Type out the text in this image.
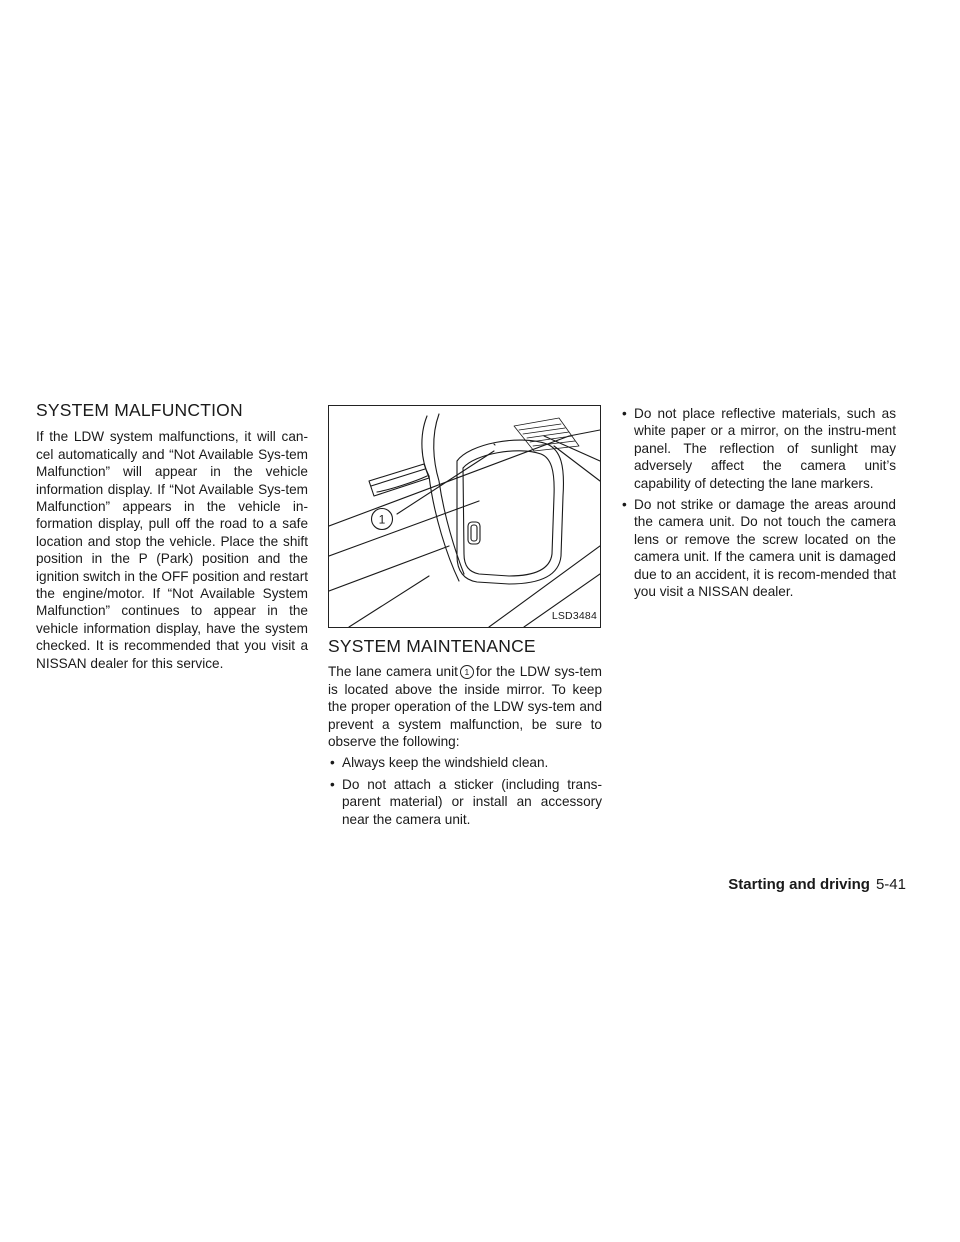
SYSTEM MALFUNCTION

If the LDW system malfunctions, it will can-cel automatically and “Not Available Sys-tem Malfunction” will appear in the vehicle information display. If “Not Available Sys-tem Malfunction” appears in the vehicle in-formation display, pull off the road to a safe location and stop the vehicle. Place the shift position in the P (Park) position and the ignition switch in the OFF position and restart the engine/motor. If “Not Available System Malfunction” continues to appear in the vehicle information display, have the system checked. It is recommended that you visit a NISSAN dealer for this service.

1
LSD3484
SYSTEM MAINTENANCE

The lane camera unit 1 for the LDW sys-tem is located above the inside mirror. To keep the proper operation of the LDW sys-tem and prevent a system malfunction, be sure to observe the following:

• Always keep the windshield clean.
• Do not attach a sticker (including trans-parent material) or install an accessory near the camera unit.
• Do not place reflective materials, such as white paper or a mirror, on the instru-ment panel. The reflection of sunlight may adversely affect the camera unit’s capability of detecting the lane markers.
• Do not strike or damage the areas around the camera unit. Do not touch the camera lens or remove the screw located on the camera unit. If the camera unit is damaged due to an accident, it is recom-mended that you visit a NISSAN dealer.
Starting and driving 5-41
